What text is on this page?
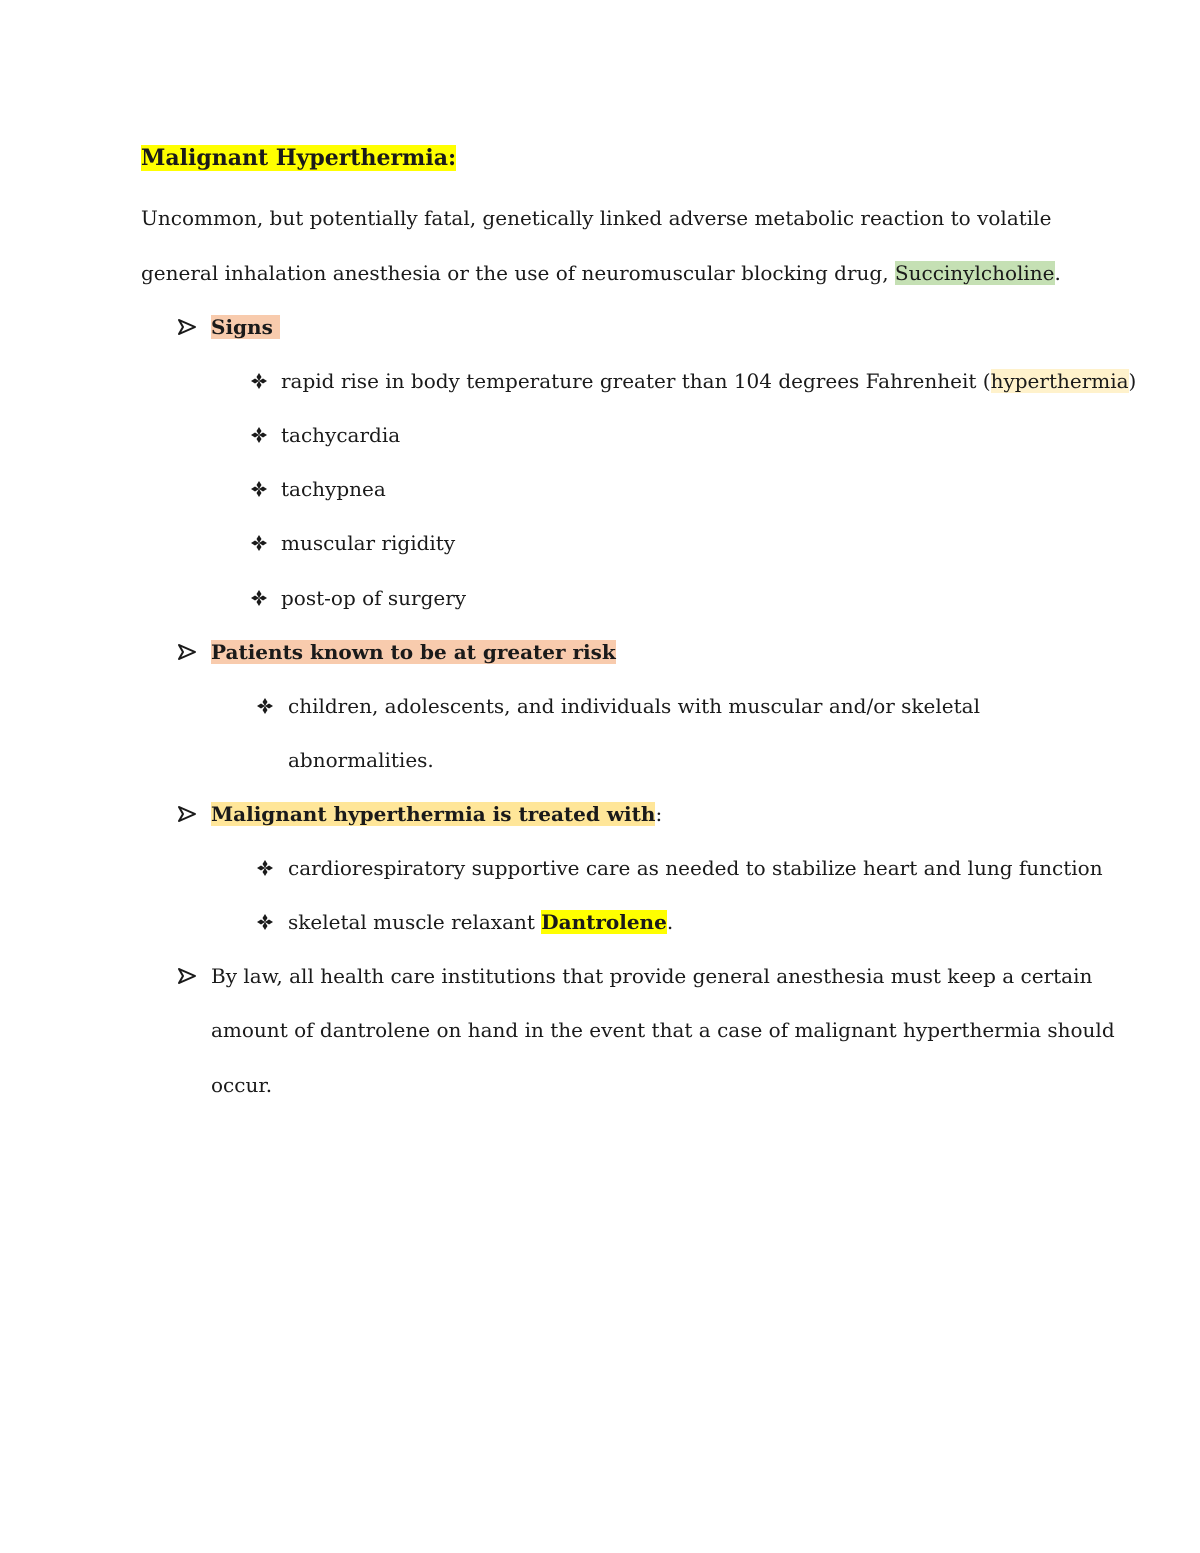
Malignant Hyperthermia:
Uncommon, but potentially fatal, genetically linked adverse metabolic reaction to volatile
general inhalation anesthesia or the use of neuromuscular blocking drug, Succinylcholine.
Signs
rapid rise in body temperature greater than 104 degrees Fahrenheit (hyperthermia)
tachycardia
tachypnea
muscular rigidity
post-op of surgery
Patients known to be at greater risk
children, adolescents, and individuals with muscular and/or skeletal
abnormalities.
Malignant hyperthermia is treated with:
cardiorespiratory supportive care as needed to stabilize heart and lung function
skeletal muscle relaxant Dantrolene.
By law, all health care institutions that provide general anesthesia must keep a certain
amount of dantrolene on hand in the event that a case of malignant hyperthermia should
occur.
